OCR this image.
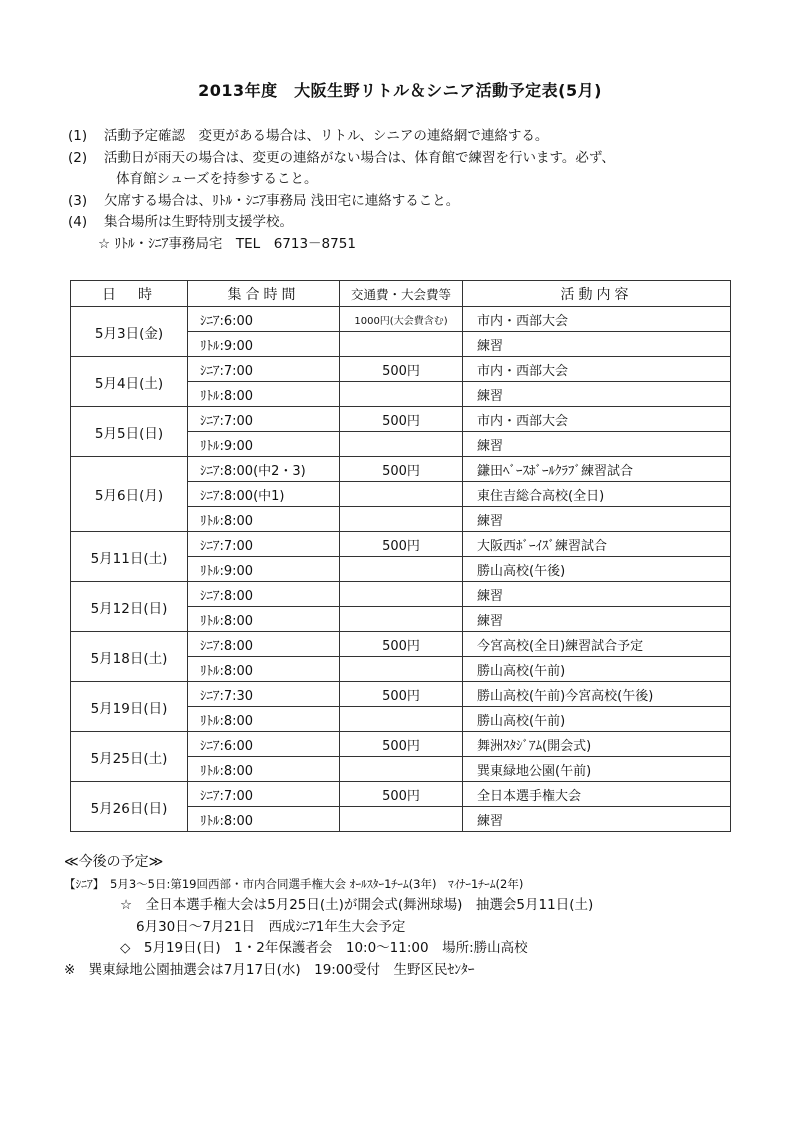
2013年度　大阪生野リトル＆シニア活動予定表(5月)
(1) 活動予定確認　変更がある場合は、リトル、シニアの連絡網で連絡する。
(2) 活動日が雨天の場合は、変更の連絡がない場合は、体育館で練習を行います。必ず、
体育館シューズを持参すること。
(3) 欠席する場合は、ﾘﾄﾙ・ｼﾆｱ事務局 浅田宅に連絡すること。
(4) 集合場所は生野特別支援学校。
☆ ﾘﾄﾙ・ｼﾆｱ事務局宅　TEL　6713－8751
日　時	集合時間	交通費・大会費等	活動内容
5月3日(金)	ｼﾆｱ:6:00	1000円(大会費含む)	市内・西部大会
	ﾘﾄﾙ:9:00		練習
5月4日(土)	ｼﾆｱ:7:00	500円	市内・西部大会
	ﾘﾄﾙ:8:00		練習
5月5日(日)	ｼﾆｱ:7:00	500円	市内・西部大会
	ﾘﾄﾙ:9:00		練習
5月6日(月)	ｼﾆｱ:8:00(中2・3)	500円	鎌田ﾍﾞｰｽﾎﾞｰﾙｸﾗﾌﾞ練習試合
	ｼﾆｱ:8:00(中1)		東住吉総合高校(全日)
	ﾘﾄﾙ:8:00		練習
5月11日(土)	ｼﾆｱ:7:00	500円	大阪西ﾎﾞｰｲｽﾞ練習試合
	ﾘﾄﾙ:9:00		勝山高校(午後)
5月12日(日)	ｼﾆｱ:8:00		練習
	ﾘﾄﾙ:8:00		練習
5月18日(土)	ｼﾆｱ:8:00	500円	今宮高校(全日)練習試合予定
	ﾘﾄﾙ:8:00		勝山高校(午前)
5月19日(日)	ｼﾆｱ:7:30	500円	勝山高校(午前)今宮高校(午後)
	ﾘﾄﾙ:8:00		勝山高校(午前)
5月25日(土)	ｼﾆｱ:6:00	500円	舞洲ｽﾀｼﾞｱﾑ(開会式)
	ﾘﾄﾙ:8:00		巽東緑地公園(午前)
5月26日(日)	ｼﾆｱ:7:00	500円	全日本選手権大会
	ﾘﾄﾙ:8:00		練習
≪今後の予定≫
【ｼﾆｱ】　5月3～5日:第19回西部・市内合同選手権大会 ｵｰﾙｽﾀｰ1ﾁｰﾑ(3年)　ﾏｲﾅｰ1ﾁｰﾑ(2年)
☆　全日本選手権大会は5月25日(土)が開会式(舞洲球場)　抽選会5月11日(土)
6月30日～7月21日　西成ｼﾆｱ1年生大会予定
◇　5月19日(日)　1・2年保護者会　10:0～11:00　場所:勝山高校
※　巽東緑地公園抽選会は7月17日(水)　19:00受付　生野区民ｾﾝﾀｰ
